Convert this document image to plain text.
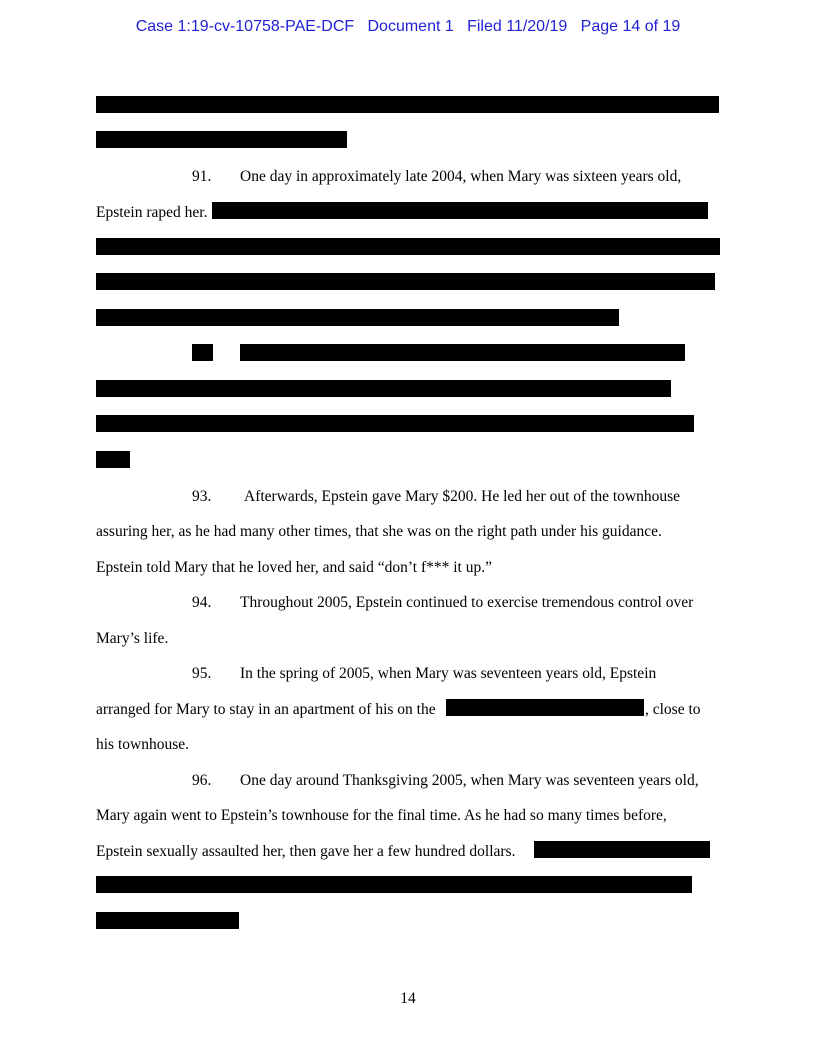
Case 1:19-cv-10758-PAE-DCF Document 1 Filed 11/20/19 Page 14 of 19
91. One day in approximately late 2004, when Mary was sixteen years old,
Epstein raped her.
93. Afterwards, Epstein gave Mary $200. He led her out of the townhouse
assuring her, as he had many other times, that she was on the right path under his guidance.
Epstein told Mary that he loved her, and said “don’t f*** it up.”
94. Throughout 2005, Epstein continued to exercise tremendous control over
Mary’s life.
95. In the spring of 2005, when Mary was seventeen years old, Epstein
arranged for Mary to stay in an apartment of his on the	, close to
his townhouse.
96. One day around Thanksgiving 2005, when Mary was seventeen years old,
Mary again went to Epstein’s townhouse for the final time. As he had so many times before,
Epstein sexually assaulted her, then gave her a few hundred dollars.
14
